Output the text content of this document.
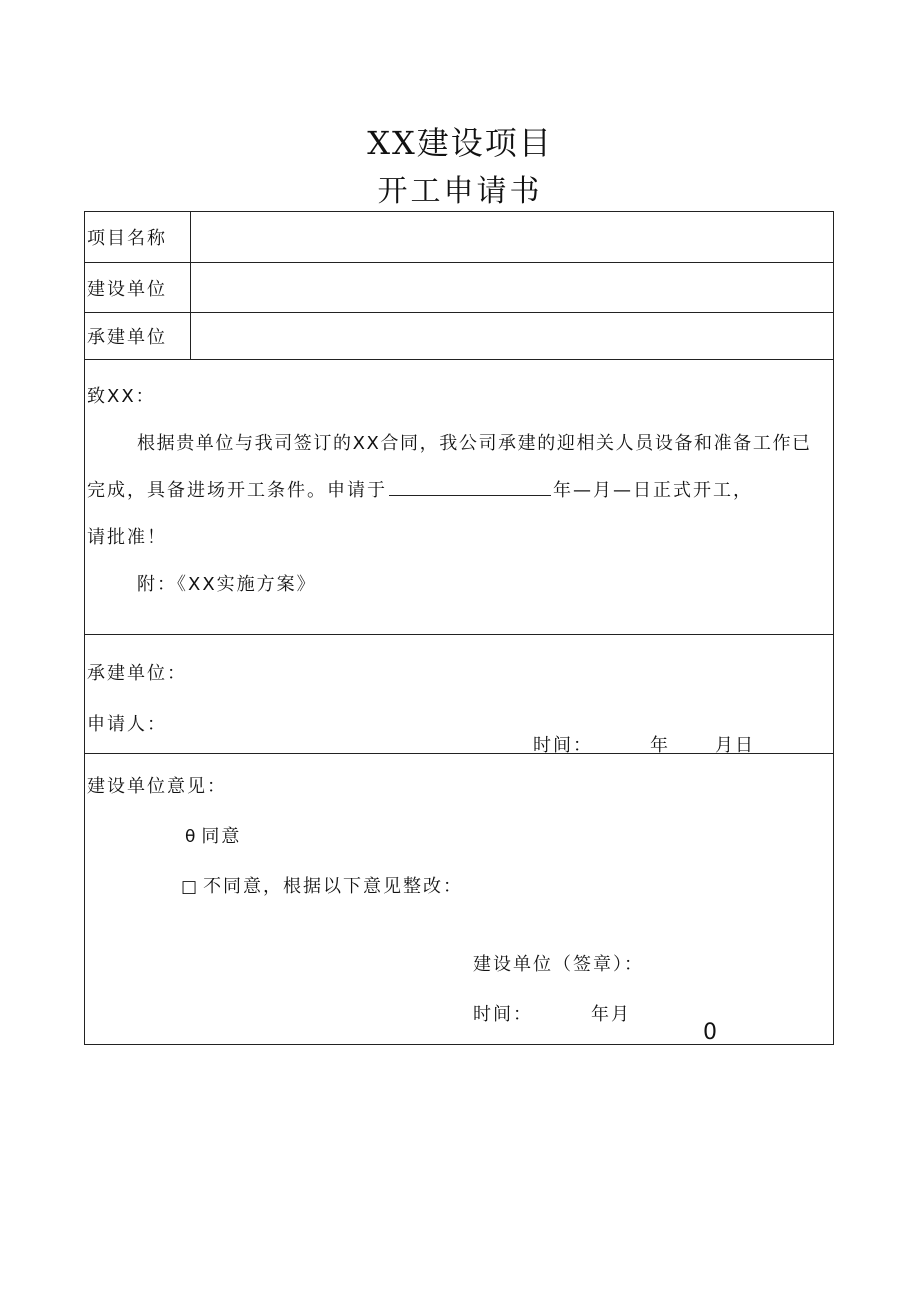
XX建设项目
开工申请书
项目名称
建设单位
承建单位
致XX：
根据贵单位与我司签订的XX合同，我公司承建的迎相关人员设备和准备工作已
完成，具备进场开工条件。申请于	年—月—日正式开工，
请批准！
附：《XX实施方案》
承建单位：
申请人：
时间：	年	月日
建设单位意见：
θ 同意
□ 不同意，根据以下意见整改：
建设单位（签章）：
时间：	年月
0
